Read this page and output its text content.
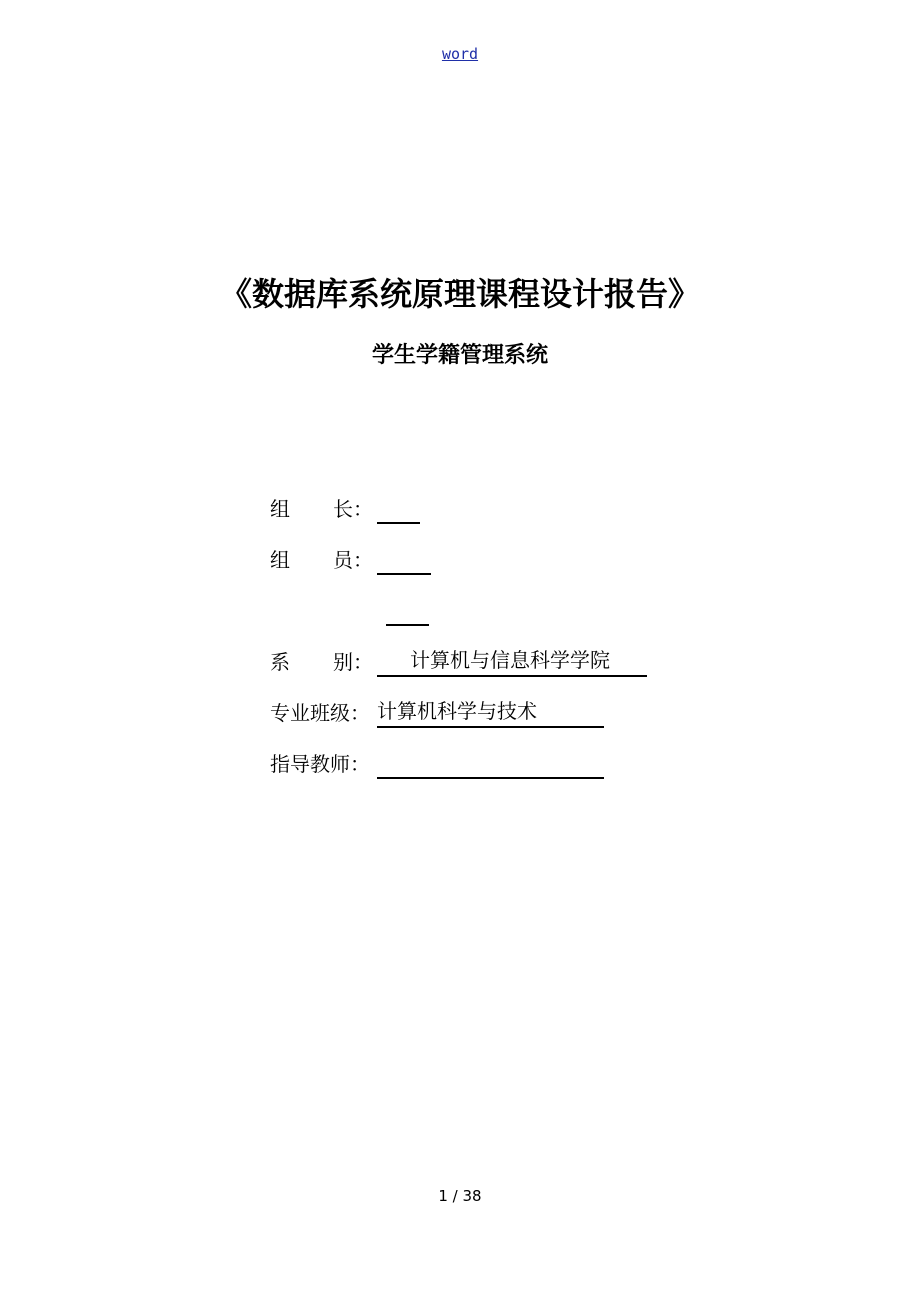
word
《数据库系统原理课程设计报告》
学生学籍管理系统
组 长：
组 员：
系 别： 计算机与信息科学学院
专业班级： 计算机科学与技术
指导教师：
1 / 38
